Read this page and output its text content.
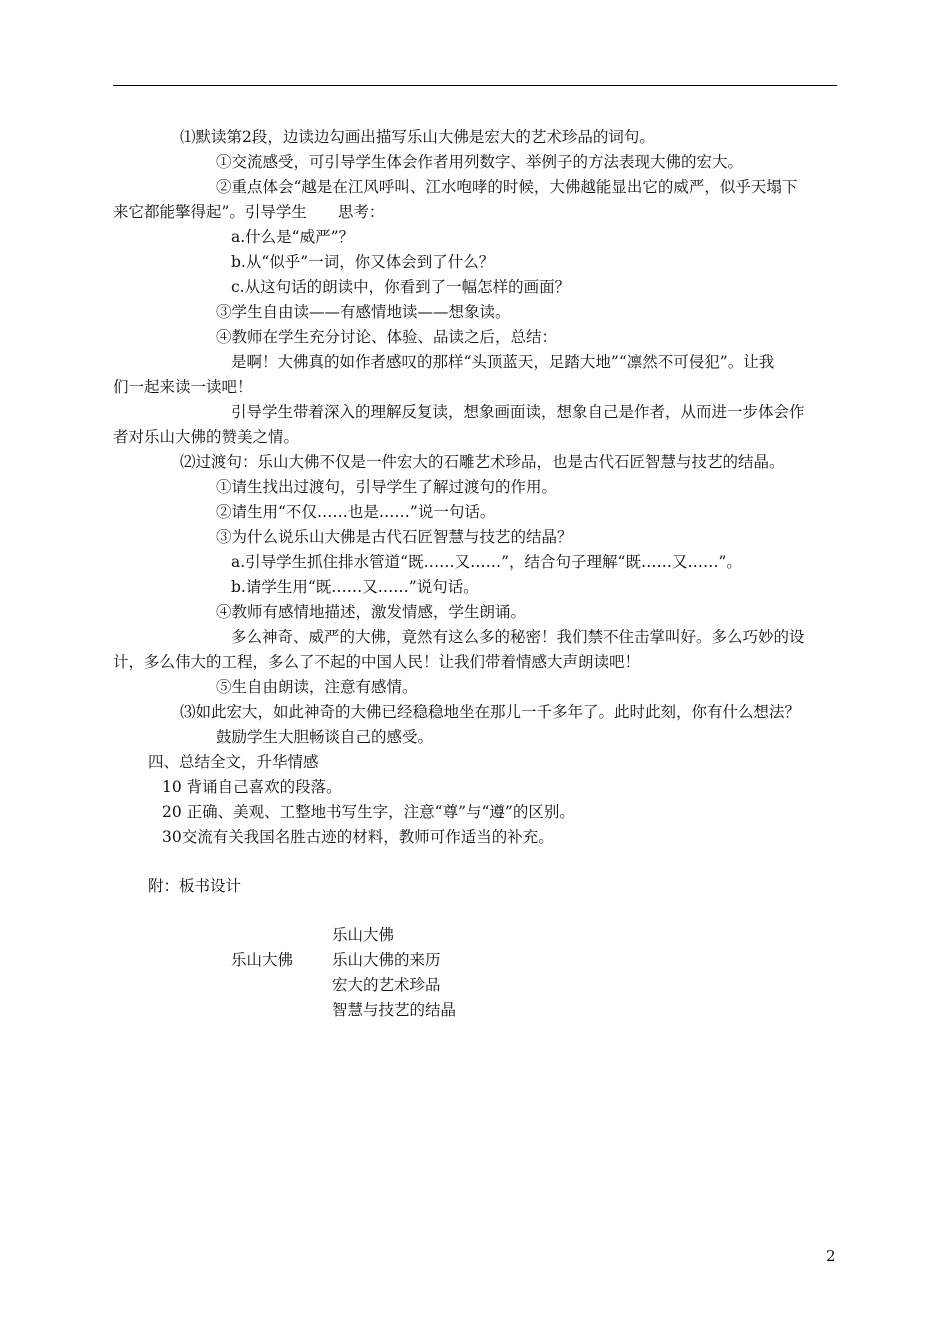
⑴默读第2段，边读边勾画出描写乐山大佛是宏大的艺术珍品的词句。
①交流感受，可引导学生体会作者用列数字、举例子的方法表现大佛的宏大。
②重点体会“越是在江风呼叫、江水咆哮的时候，大佛越能显出它的威严，似乎天塌下
来它都能擎得起”。引导学生　　思考：
a.什么是“威严”？
b.从“似乎”一词，你又体会到了什么？
c.从这句话的朗读中，你看到了一幅怎样的画面？
③学生自由读——有感情地读——想象读。
④教师在学生充分讨论、体验、品读之后，总结：
是啊！大佛真的如作者感叹的那样“头顶蓝天，足踏大地”“凛然不可侵犯”。让我
们一起来读一读吧！
引导学生带着深入的理解反复读，想象画面读，想象自己是作者，从而进一步体会作
者对乐山大佛的赞美之情。
⑵过渡句：乐山大佛不仅是一件宏大的石雕艺术珍品，也是古代石匠智慧与技艺的结晶。
①请生找出过渡句，引导学生了解过渡句的作用。
②请生用“不仅……也是……”说一句话。
③为什么说乐山大佛是古代石匠智慧与技艺的结晶？
a.引导学生抓住排水管道“既……又……”，结合句子理解“既……又……”。
b.请学生用“既……又……”说句话。
④教师有感情地描述，激发情感，学生朗诵。
多么神奇、威严的大佛，竟然有这么多的秘密！我们禁不住击掌叫好。多么巧妙的设
计，多么伟大的工程，多么了不起的中国人民！让我们带着情感大声朗读吧！
⑤生自由朗读，注意有感情。
⑶如此宏大，如此神奇的大佛已经稳稳地坐在那儿一千多年了。此时此刻，你有什么想法？
鼓励学生大胆畅谈自己的感受。
四、总结全文，升华情感
10 背诵自己喜欢的段落。
20 正确、美观、工整地书写生字，注意“尊”与“遵”的区别。
30交流有关我国名胜古迹的材料，教师可作适当的补充。
附：板书设计
乐山大佛
乐山大佛
乐山大佛的来历
宏大的艺术珍品
智慧与技艺的结晶
2
